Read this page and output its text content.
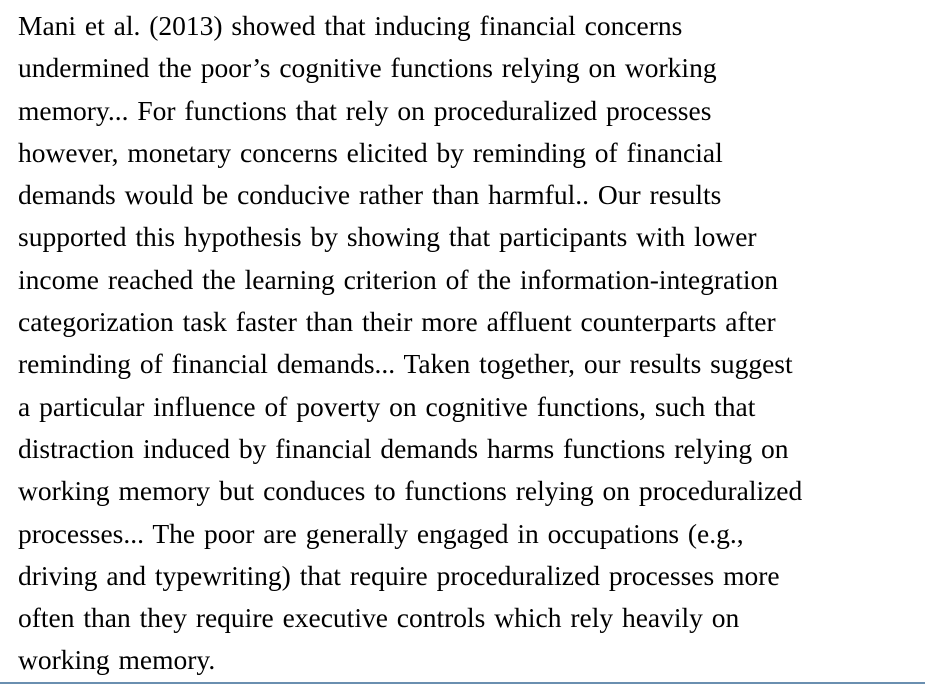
Mani et al. (2013) showed that inducing financial concerns
undermined the poor’s cognitive functions relying on working
memory... For functions that rely on proceduralized processes
however, monetary concerns elicited by reminding of financial
demands would be conducive rather than harmful.. Our results
supported this hypothesis by showing that participants with lower
income reached the learning criterion of the information-integration
categorization task faster than their more affluent counterparts after
reminding of financial demands... Taken together, our results suggest
a particular influence of poverty on cognitive functions, such that
distraction induced by financial demands harms functions relying on
working memory but conduces to functions relying on proceduralized
processes... The poor are generally engaged in occupations (e.g.,
driving and typewriting) that require proceduralized processes more
often than they require executive controls which rely heavily on
working memory.
